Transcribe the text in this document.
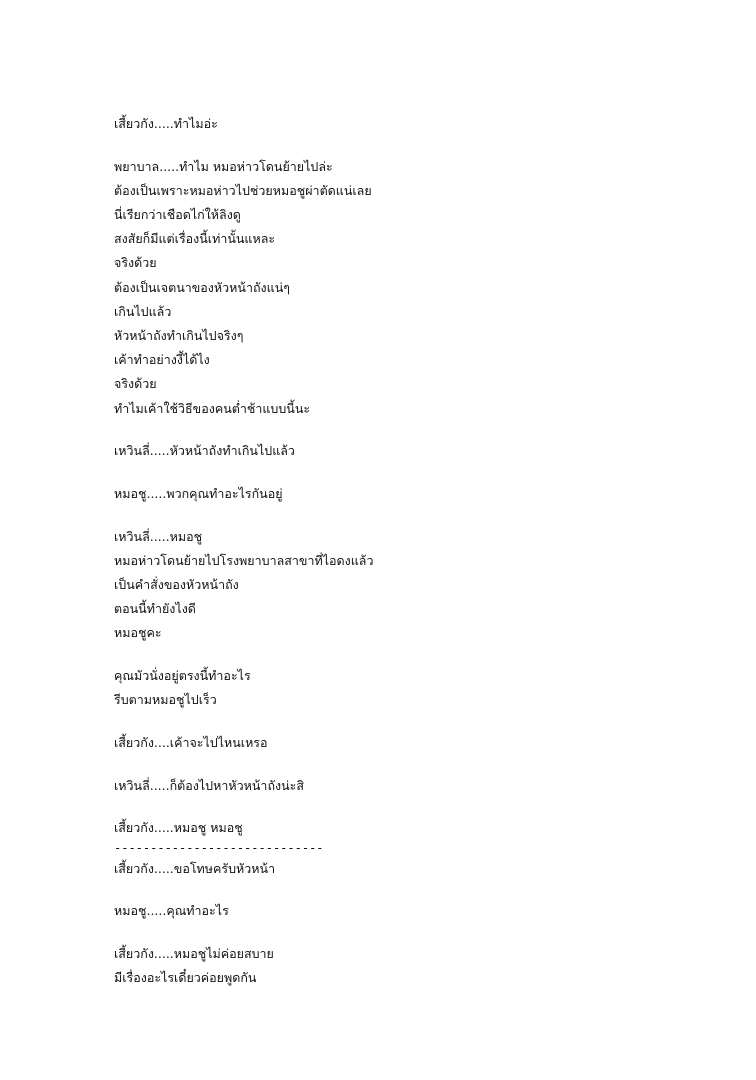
เสี้ยวกัง.....ทำไมอ่ะ
พยาบาล.....ทำไม หมอห่าวโดนย้ายไปล่ะ
ต้องเป็นเพราะหมอห่าวไปช่วยหมอชูผ่าตัดแน่เลย
นี่เรียกว่าเชือดไก่ให้ลิงดู
สงสัยก็มีแต่เรื่องนี้เท่านั้นแหละ
จริงด้วย
ต้องเป็นเจตนาของหัวหน้าถังแน่ๆ
เกินไปแล้ว
หัวหน้าถังทำเกินไปจริงๆ
เค้าทำอย่างงี้ได้ไง
จริงด้วย
ทำไมเค้าใช้วิธีของคนต่ำช้าแบบนี้นะ
เหวินลี่.....หัวหน้าถังทำเกินไปแล้ว
หมอชู.....พวกคุณทำอะไรกันอยู่
เหวินลี่.....หมอชู
หมอห่าวโดนย้ายไปโรงพยาบาลสาขาที่ไอดงแล้ว
เป็นคำสั่งของหัวหน้าถัง
ตอนนี้ทำยังไงดี
หมอชูคะ
คุณมัวนั่งอยู่ตรงนี้ทำอะไร
รีบตามหมอชูไปเร็ว
เสี้ยวกัง....เค้าจะไปไหนเหรอ
เหวินลี่.....ก็ต้องไปหาหัวหน้าถังน่ะสิ
เสี้ยวกัง.....หมอชู หมอชู
-----------------------------
เสี้ยวกัง.....ขอโทษครับหัวหน้า
หมอชู.....คุณทำอะไร
เสี้ยวกัง.....หมอชูไม่ค่อยสบาย
มีเรื่องอะไรเดี๋ยวค่อยพูดกัน
